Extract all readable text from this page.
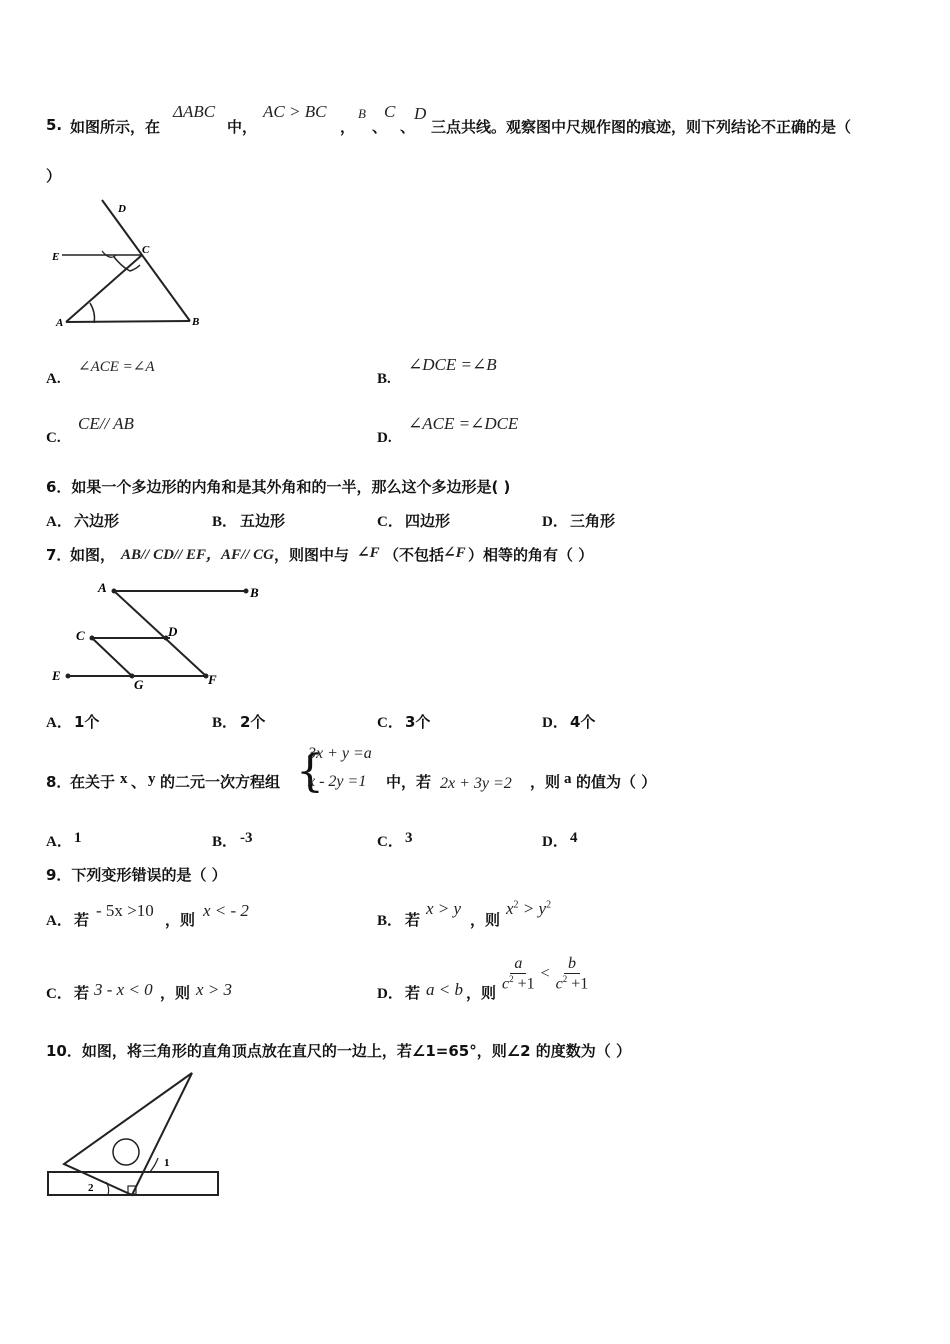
5. 如图所示，在
ΔABC
中，
AC > BC
，
B
、
C
、
D
三点共线。观察图中尺规作图的痕迹，则下列结论不正确的是（
）
D
E
C
A	B
A.
∠ACE =∠A
B.
∠DCE =∠B
C.
CE// AB
D.
∠ACE =∠DCE
6．如果一个多边形的内角和是其外角和的一半，那么这个多边形是( )
A． 六边形	B． 五边形	C． 四边形	D． 三角形
7．
如图， AB// CD// EF，AF// CG ，则图中与 ∠F （不包括
∠F ）相等的角有（ ）
A	B
C	D
E
G	F
A． 1个	B． 2个	C． 3个	D． 4个
8．
在关于 x 、 y 的二元一次方程组 {
3x + y =a
x - 2y =1 中，若 2x + 3y =2 ，则 a 的值为（ ）
A． 1	B． -3	C． 3	D． 4
9．下列变形错误的是（ ）
A． 若 - 5x >10 ，则 x < - 2
B． 若
x > y
，则
$x^2 > y^2$
C． 若 3 - x < 0 ，则 x > 3	D． 若 a < b ，则 $\frac{a}{c^2 +1} < \frac{b}{c^2 +1}$
10．如图，将三角形的直角顶点放在直尺的一边上，若∠1=65°，则∠2 的度数为（ ）
1
2
